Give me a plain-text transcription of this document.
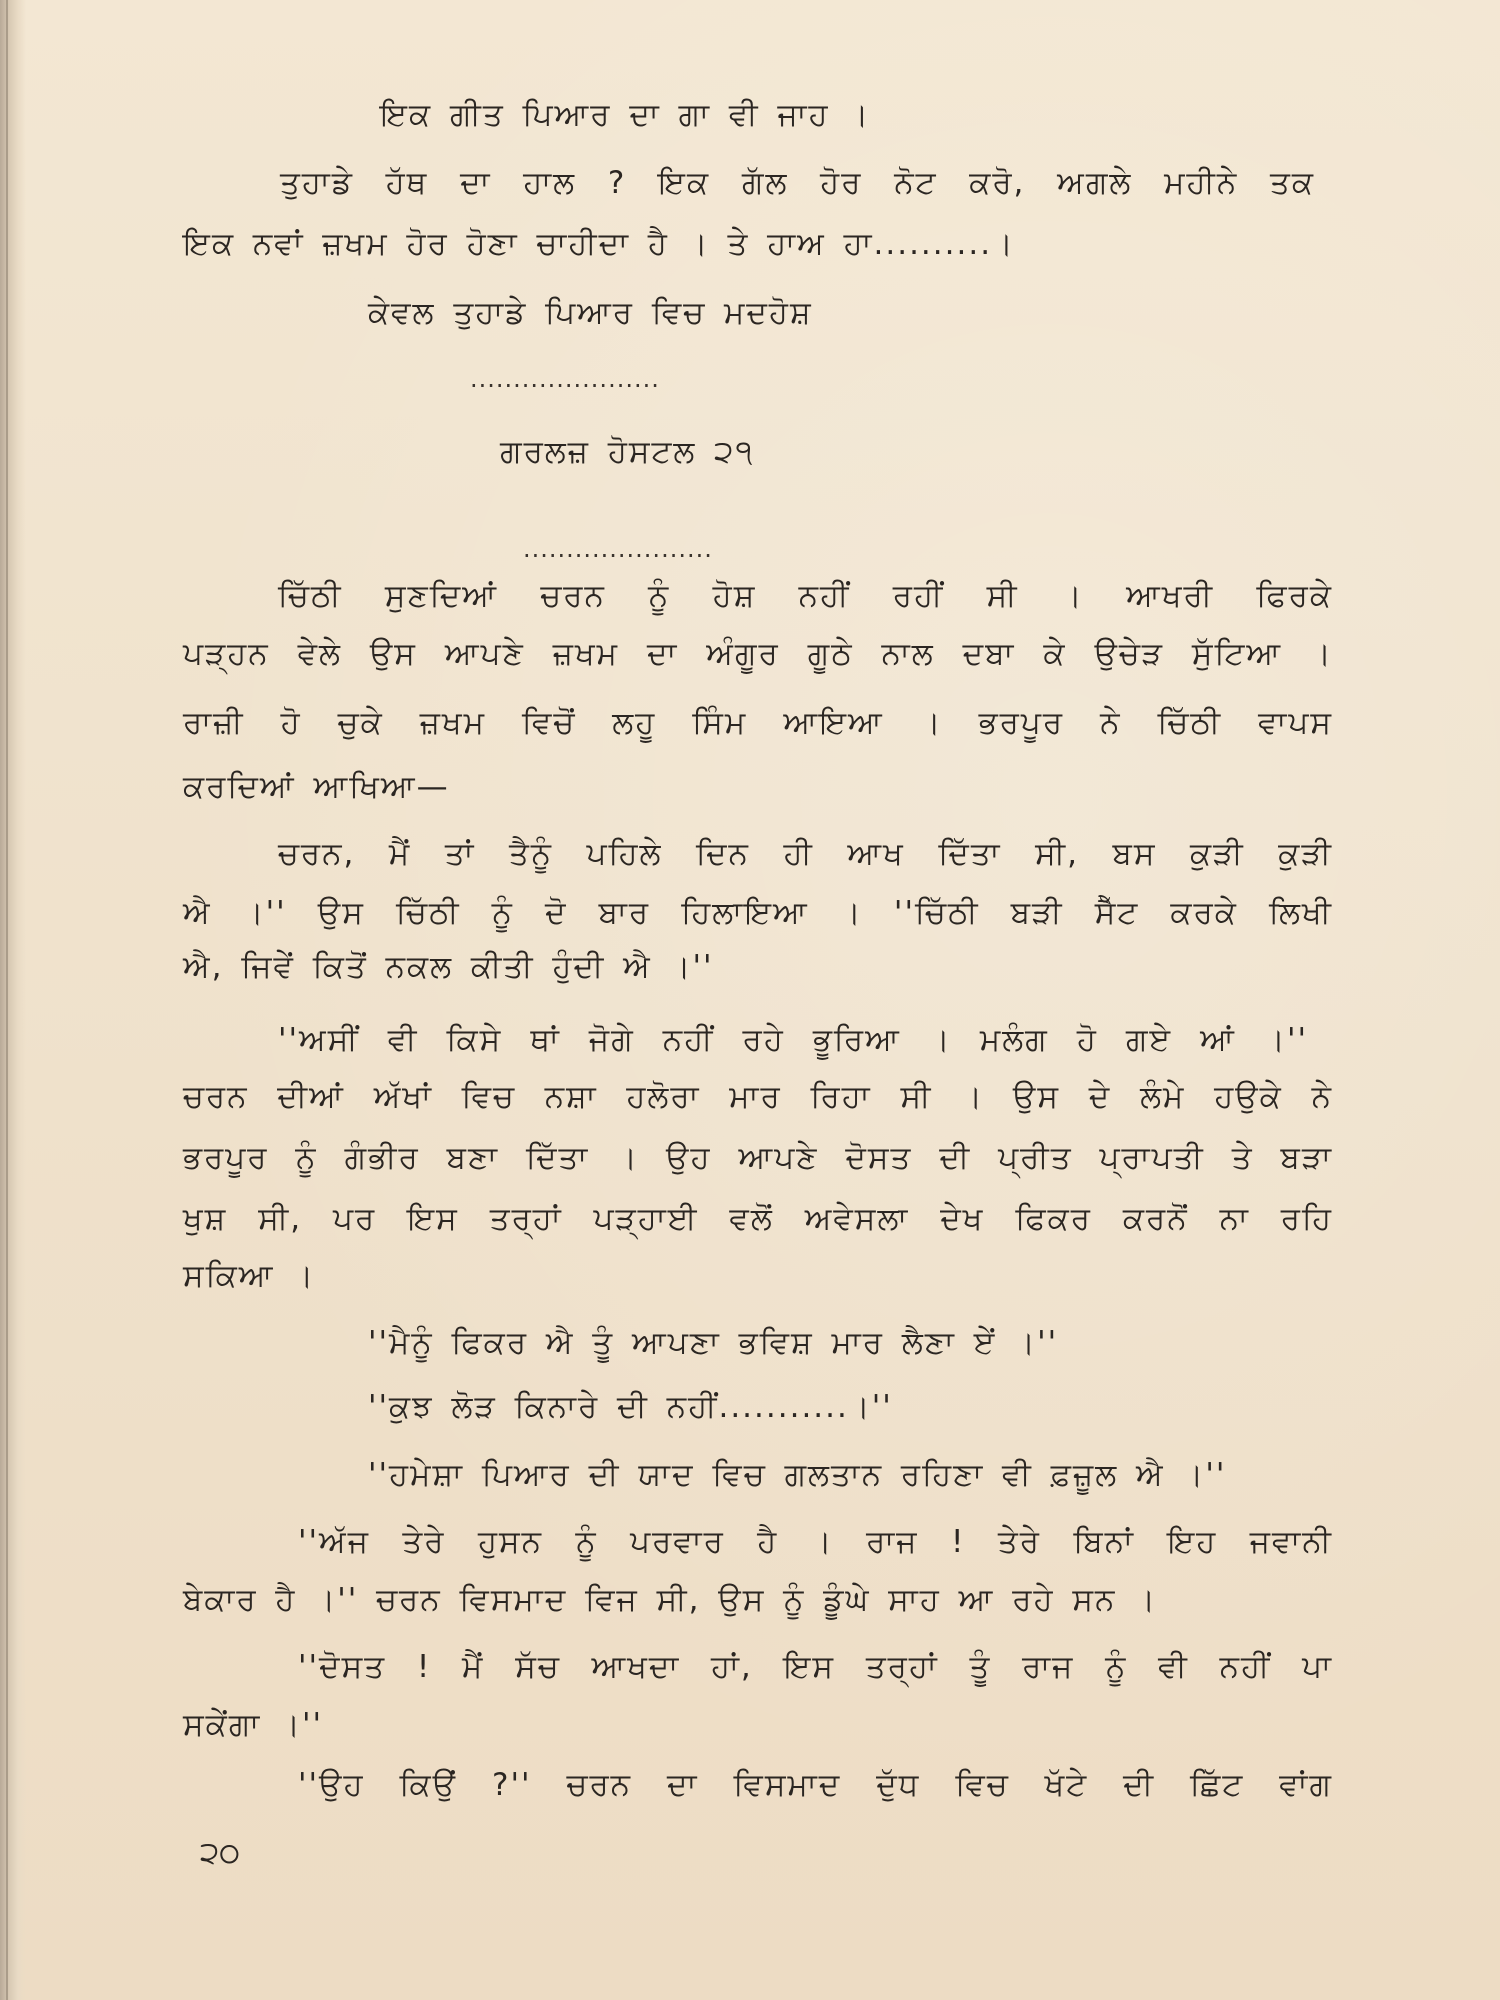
ਇਕ ਗੀਤ ਪਿਆਰ ਦਾ ਗਾ ਵੀ ਜਾਹ ।
ਤੁਹਾਡੇ ਹੱਥ ਦਾ ਹਾਲ ? ਇਕ ਗੱਲ ਹੋਰ ਨੋਟ ਕਰੋ, ਅਗਲੇ ਮਹੀਨੇ ਤਕ
ਇਕ ਨਵਾਂ ਜ਼ਖਮ ਹੋਰ ਹੋਣਾ ਚਾਹੀਦਾ ਹੈ । ਤੇ ਹਾਅ ਹਾ..........।
ਕੇਵਲ ਤੁਹਾਡੇ ਪਿਆਰ ਵਿਚ ਮਦਹੋਸ਼
......................
ਗਰਲਜ਼ ਹੋਸਟਲ ੨੧
......................
ਚਿੱਠੀ ਸੁਣਦਿਆਂ ਚਰਨ ਨੂੰ ਹੋਸ਼ ਨਹੀਂ ਰਹੀਂ ਸੀ । ਆਖਰੀ ਫਿਰਕੇ
ਪੜ੍ਹਨ ਵੇਲੇ ਉਸ ਆਪਣੇ ਜ਼ਖਮ ਦਾ ਅੰਗੂਰ ਗੂਠੇ ਨਾਲ ਦਬਾ ਕੇ ਉਚੇੜ ਸੁੱਟਿਆ ।
ਰਾਜ਼ੀ ਹੋ ਚੁਕੇ ਜ਼ਖਮ ਵਿਚੋਂ ਲਹੂ ਸਿੰਮ ਆਇਆ । ਭਰਪੂਰ ਨੇ ਚਿੱਠੀ ਵਾਪਸ
ਕਰਦਿਆਂ ਆਖਿਆ—
ਚਰਨ, ਮੈਂ ਤਾਂ ਤੈਨੂੰ ਪਹਿਲੇ ਦਿਨ ਹੀ ਆਖ ਦਿੱਤਾ ਸੀ, ਬਸ ਕੁੜੀ ਕੁੜੀ
ਐ ।'' ਉਸ ਚਿੱਠੀ ਨੂੰ ਦੋ ਬਾਰ ਹਿਲਾਇਆ । ''ਚਿੱਠੀ ਬੜੀ ਸੈੱਟ ਕਰਕੇ ਲਿਖੀ
ਐ, ਜਿਵੇਂ ਕਿਤੋਂ ਨਕਲ ਕੀਤੀ ਹੁੰਦੀ ਐ ।''
''ਅਸੀਂ ਵੀ ਕਿਸੇ ਥਾਂ ਜੋਗੇ ਨਹੀਂ ਰਹੇ ਭੂਰਿਆ । ਮਲੰਗ ਹੋ ਗਏ ਆਂ ।''
ਚਰਨ ਦੀਆਂ ਅੱਖਾਂ ਵਿਚ ਨਸ਼ਾ ਹਲੋਰਾ ਮਾਰ ਰਿਹਾ ਸੀ । ਉਸ ਦੇ ਲੰਮੇ ਹਉਕੇ ਨੇ
ਭਰਪੂਰ ਨੂੰ ਗੰਭੀਰ ਬਣਾ ਦਿੱਤਾ । ਉਹ ਆਪਣੇ ਦੋਸਤ ਦੀ ਪ੍ਰੀਤ ਪ੍ਰਾਪਤੀ ਤੇ ਬੜਾ
ਖੁਸ਼ ਸੀ, ਪਰ ਇਸ ਤਰ੍ਹਾਂ ਪੜ੍ਹਾਈ ਵਲੋਂ ਅਵੇਸਲਾ ਦੇਖ ਫਿਕਰ ਕਰਨੋਂ ਨਾ ਰਹਿ
ਸਕਿਆ ।
''ਮੈਨੂੰ ਫਿਕਰ ਐ ਤੂੰ ਆਪਣਾ ਭਵਿਸ਼ ਮਾਰ ਲੈਣਾ ਏਂ ।''
''ਕੁਝ ਲੋੜ ਕਿਨਾਰੇ ਦੀ ਨਹੀਂ...........।''
''ਹਮੇਸ਼ਾ ਪਿਆਰ ਦੀ ਯਾਦ ਵਿਚ ਗਲਤਾਨ ਰਹਿਣਾ ਵੀ ਫ਼ਜ਼ੂਲ ਐ ।''
''ਅੱਜ ਤੇਰੇ ਹੁਸਨ ਨੂੰ ਪਰਵਾਰ ਹੈ । ਰਾਜ ! ਤੇਰੇ ਬਿਨਾਂ ਇਹ ਜਵਾਨੀ
ਬੇਕਾਰ ਹੈ ।'' ਚਰਨ ਵਿਸਮਾਦ ਵਿਜ ਸੀ, ਉਸ ਨੂੰ ਡੂੰਘੇ ਸਾਹ ਆ ਰਹੇ ਸਨ ।
''ਦੋਸਤ ! ਮੈਂ ਸੱਚ ਆਖਦਾ ਹਾਂ, ਇਸ ਤਰ੍ਹਾਂ ਤੂੰ ਰਾਜ ਨੂੰ ਵੀ ਨਹੀਂ ਪਾ
ਸਕੇਂਗਾ ।''
''ਉਹ ਕਿਉਂ ?'' ਚਰਨ ਦਾ ਵਿਸਮਾਦ ਦੁੱਧ ਵਿਚ ਖੱਟੇ ਦੀ ਛਿੱਟ ਵਾਂਗ
੨੦
